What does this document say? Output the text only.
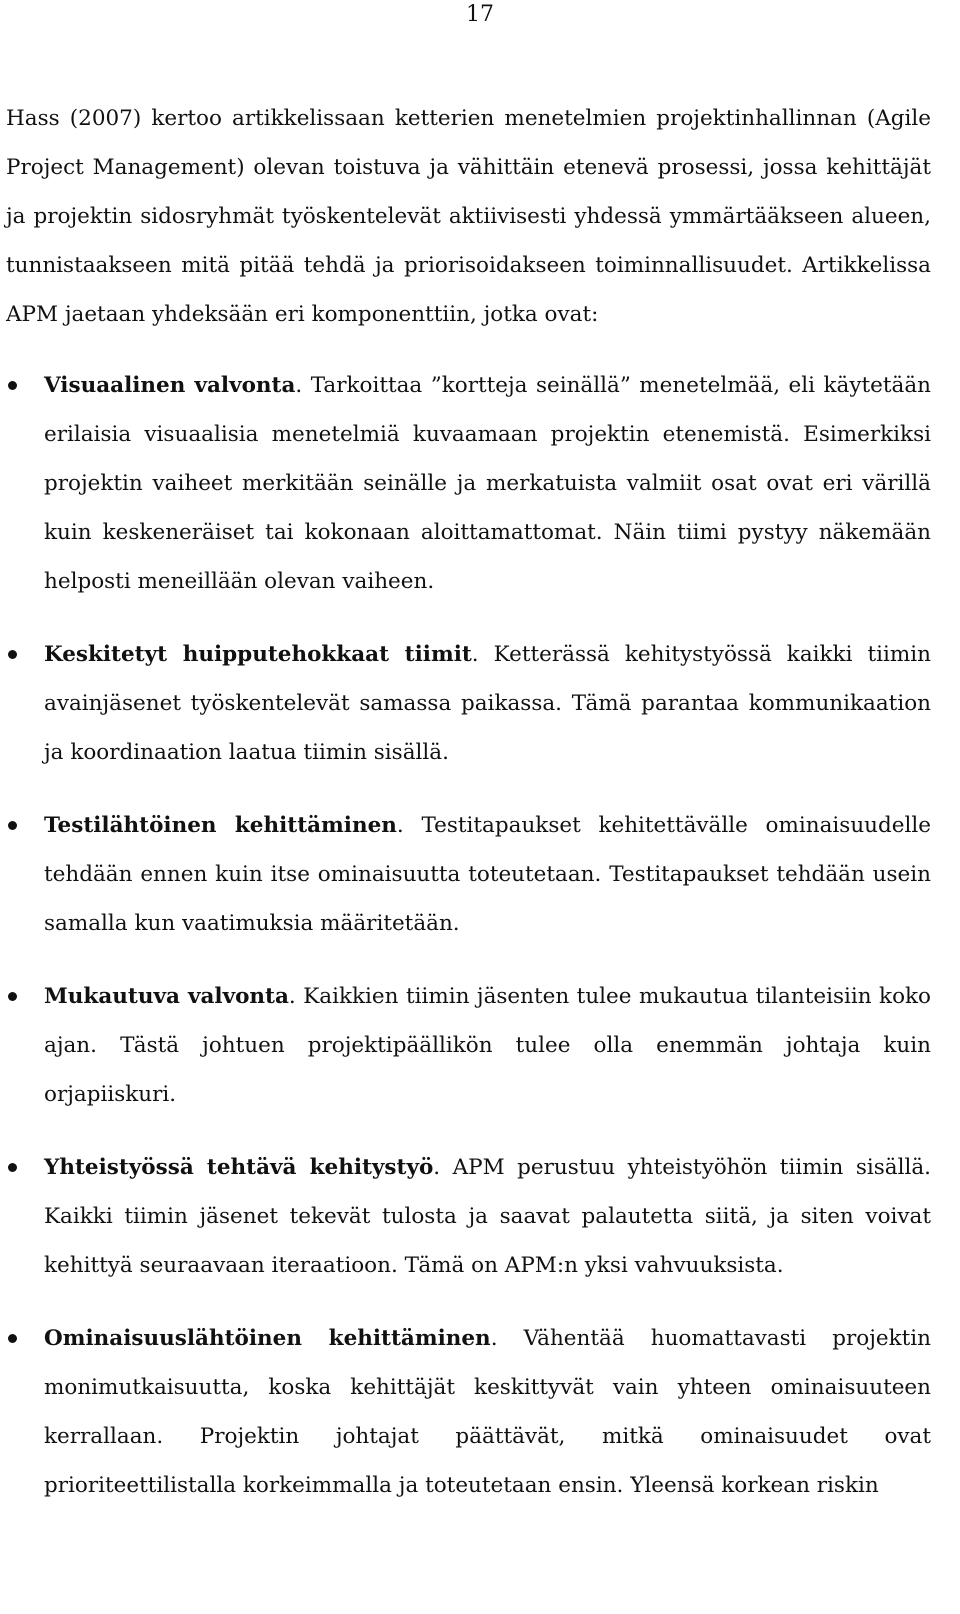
17

Hass (2007) kertoo artikkelissaan ketterien menetelmien projektinhallinnan (Agile Project Management) olevan toistuva ja vähittäin etenevä prosessi, jossa kehittäjät ja projektin sidosryhmät työskentelevät aktiivisesti yhdessä ymmärtääkseen alueen, tunnistaakseen mitä pitää tehdä ja priorisoidakseen toiminnallisuudet. Artikkelissa APM jaetaan yhdeksään eri komponenttiin, jotka ovat:

Visuaalinen valvonta. Tarkoittaa ”kortteja seinällä” menetelmää, eli käytetään erilaisia visuaalisia menetelmiä kuvaamaan projektin etenemistä. Esimerkiksi projektin vaiheet merkitään seinälle ja merkatuista valmiit osat ovat eri värillä kuin keskeneräiset tai kokonaan aloittamattomat. Näin tiimi pystyy näkemään helposti meneillään olevan vaiheen.
Keskitetyt huipputehokkaat tiimit. Ketterässä kehitystyössä kaikki tiimin avainjäsenet työskentelevät samassa paikassa. Tämä parantaa kommunikaation ja koordinaation laatua tiimin sisällä.
Testilähtöinen kehittäminen. Testitapaukset kehitettävälle ominaisuudelle tehdään ennen kuin itse ominaisuutta toteutetaan. Testitapaukset tehdään usein samalla kun vaatimuksia määritetään.
Mukautuva valvonta. Kaikkien tiimin jäsenten tulee mukautua tilanteisiin koko ajan. Tästä johtuen projektipäällikön tulee olla enemmän johtaja kuin orjapiiskuri.
Yhteistyössä tehtävä kehitystyö. APM perustuu yhteistyöhön tiimin sisällä. Kaikki tiimin jäsenet tekevät tulosta ja saavat palautetta siitä, ja siten voivat kehittyä seuraavaan iteraatioon. Tämä on APM:n yksi vahvuuksista.
Ominaisuuslähtöinen kehittäminen. Vähentää huomattavasti projektin monimutkaisuutta, koska kehittäjät keskittyvät vain yhteen ominaisuuteen kerrallaan. Projektin johtajat päättävät, mitkä ominaisuudet ovat prioriteettilistalla korkeimmalla ja toteutetaan ensin. Yleensä korkean riskin
